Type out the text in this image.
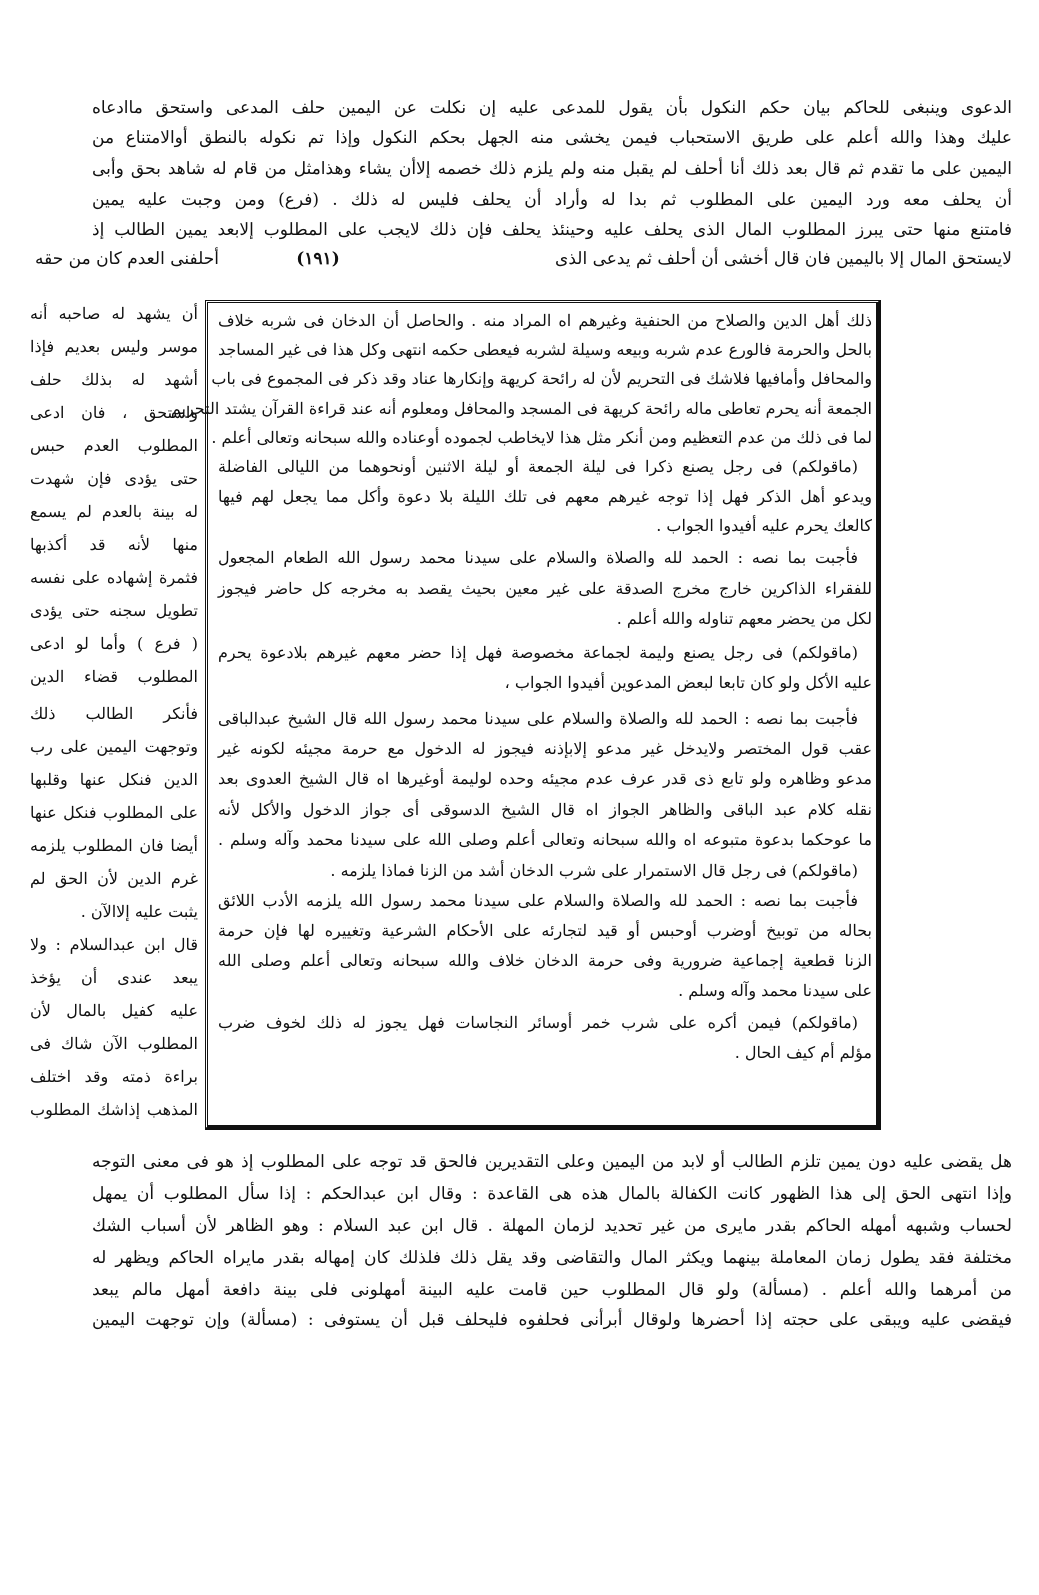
الدعوى وينبغى للحاكم بيان حكم النكول بأن يقول للمدعى عليه إن نكلت عن اليمين حلف المدعى واستحق ماادعاه
عليك وهذا والله أعلم على طريق الاستحباب فيمن يخشى منه الجهل بحكم النكول وإذا تم نكوله بالنطق أوالامتناع من
اليمين على ما تقدم ثم قال بعد ذلك أنا أحلف لم يقبل منه ولم يلزم ذلك خصمه إلاأن يشاء وهذامثل من قام له شاهد بحق وأبى
أن يحلف معه ورد اليمين على المطلوب ثم بدا له وأراد أن يحلف فليس له ذلك . (فرع) ومن وجبت عليه يمين
فامتنع منها حتى يبرز المطلوب المال الذى يحلف عليه وحينئذ يحلف فإن ذلك لايجب على المطلوب إلابعد يمين الطالب إذ
لايستحق المال إلا باليمين فان قال أخشى أن أحلف ثم يدعى الذى
(١٩١)
أحلفنى العدم كان من حقه
ذلك أهل الدين والصلاح من الحنفية وغيرهم اه المراد منه . والحاصل أن الدخان فى شربه خلاف
بالحل والحرمة فالورع عدم شربه وبيعه وسيلة لشربه فيعطى حكمه انتهى وكل هذا فى غير المساجد
والمحافل وأمافيها فلاشك فى التحريم لأن له رائحة كريهة وإنكارها عناد وقد ذكر فى المجموع فى باب
الجمعة أنه يحرم تعاطى ماله رائحة كريهة فى المسجد والمحافل ومعلوم أنه عند قراءة القرآن يشتد التحريم
لما فى ذلك من عدم التعظيم ومن أنكر مثل هذا لايخاطب لجموده أوعناده والله سبحانه وتعالى أعلم .
(ماقولكم) فى رجل يصنع ذكرا فى ليلة الجمعة أو ليلة الاثنين أونحوهما من الليالى الفاضلة
ويدعو أهل الذكر فهل إذا توجه غيرهم معهم فى تلك الليلة بلا دعوة وأكل مما يجعل لهم فيها
كالعك يحرم عليه أفيدوا الجواب .
فأجبت بما نصه : الحمد لله والصلاة والسلام على سيدنا محمد رسول الله الطعام المجعول
للفقراء الذاكرين خارج مخرج الصدقة على غير معين بحيث يقصد به مخرجه كل حاضر فيجوز
لكل من يحضر معهم تناوله والله أعلم .
(ماقولكم) فى رجل يصنع وليمة لجماعة مخصوصة فهل إذا حضر معهم غيرهم بلادعوة يحرم
عليه الأكل ولو كان تابعا لبعض المدعوين أفيدوا الجواب ،
فأجبت بما نصه : الحمد لله والصلاة والسلام على سيدنا محمد رسول الله قال الشيخ عبدالباقى
عقب قول المختصر ولايدخل غير مدعو إلابإذنه فيجوز له الدخول مع حرمة مجيئه لكونه غير
مدعو وظاهره ولو تابع ذى قدر عرف عدم مجيئه وحده لوليمة أوغيرها اه قال الشيخ العدوى بعد
نقله كلام عبد الباقى والظاهر الجواز اه قال الشيخ الدسوقى أى جواز الدخول والأكل لأنه
ما عوحكما بدعوة متبوعه اه والله سبحانه وتعالى أعلم وصلى الله على سيدنا محمد وآله وسلم .
(ماقولكم) فى رجل قال الاستمرار على شرب الدخان أشد من الزنا فماذا يلزمه .
فأجبت بما نصه : الحمد لله والصلاة والسلام على سيدنا محمد رسول الله يلزمه الأدب اللائق
بحاله من توبيخ أوضرب أوحبس أو قيد لتجارئه على الأحكام الشرعية وتغييره لها فإن حرمة
الزنا قطعية إجماعية ضرورية وفى حرمة الدخان خلاف والله سبحانه وتعالى أعلم وصلى الله
على سيدنا محمد وآله وسلم .
(ماقولكم) فيمن أكره على شرب خمر أوسائر النجاسات فهل يجوز له ذلك لخوف ضرب
مؤلم أم كيف الحال .
أن يشهد له صاحبه أنه
موسر وليس بعديم فإذا
أشهد له بذلك حلف
واستحق ، فان ادعى
المطلوب العدم حبس
حتى يؤدى فإن شهدت
له بينة بالعدم لم يسمع
منها لأنه قد أكذبها
فثمرة إشهاده على نفسه
تطويل سجنه حتى يؤدى
( فرع ) وأما لو ادعى
المطلوب قضاء الدين
فأنكر الطالب ذلك
وتوجهت اليمين على رب
الدين فنكل عنها وقلبها
على المطلوب فنكل عنها
أيضا فان المطلوب يلزمه
غرم الدين لأن الحق لم
يثبت عليه إلاالآن .
قال ابن عبدالسلام : ولا
يبعد عندى أن يؤخذ
عليه كفيل بالمال لأن
المطلوب الآن شاك فى
براءة ذمته وقد اختلف
المذهب إذاشك المطلوب
هل يقضى عليه دون يمين تلزم الطالب أو لابد من اليمين وعلى التقديرين فالحق قد توجه على المطلوب إذ هو فى معنى التوجه
وإذا انتهى الحق إلى هذا الظهور كانت الكفالة بالمال هذه هى القاعدة : وقال ابن عبدالحكم : إذا سأل المطلوب أن يمهل
لحساب وشبهه أمهله الحاكم بقدر مايرى من غير تحديد لزمان المهلة . قال ابن عبد السلام : وهو الظاهر لأن أسباب الشك
مختلفة فقد يطول زمان المعاملة بينهما ويكثر المال والتقاضى وقد يقل ذلك فلذلك كان إمهاله بقدر مايراه الحاكم ويظهر له
من أمرهما والله أعلم . (مسألة) ولو قال المطلوب حين قامت عليه البينة أمهلونى فلى بينة دافعة أمهل مالم يبعد
فيقضى عليه ويبقى على حجته إذا أحضرها ولوقال أبرأنى فحلفوه فليحلف قبل أن يستوفى : (مسألة) وإن توجهت اليمين
